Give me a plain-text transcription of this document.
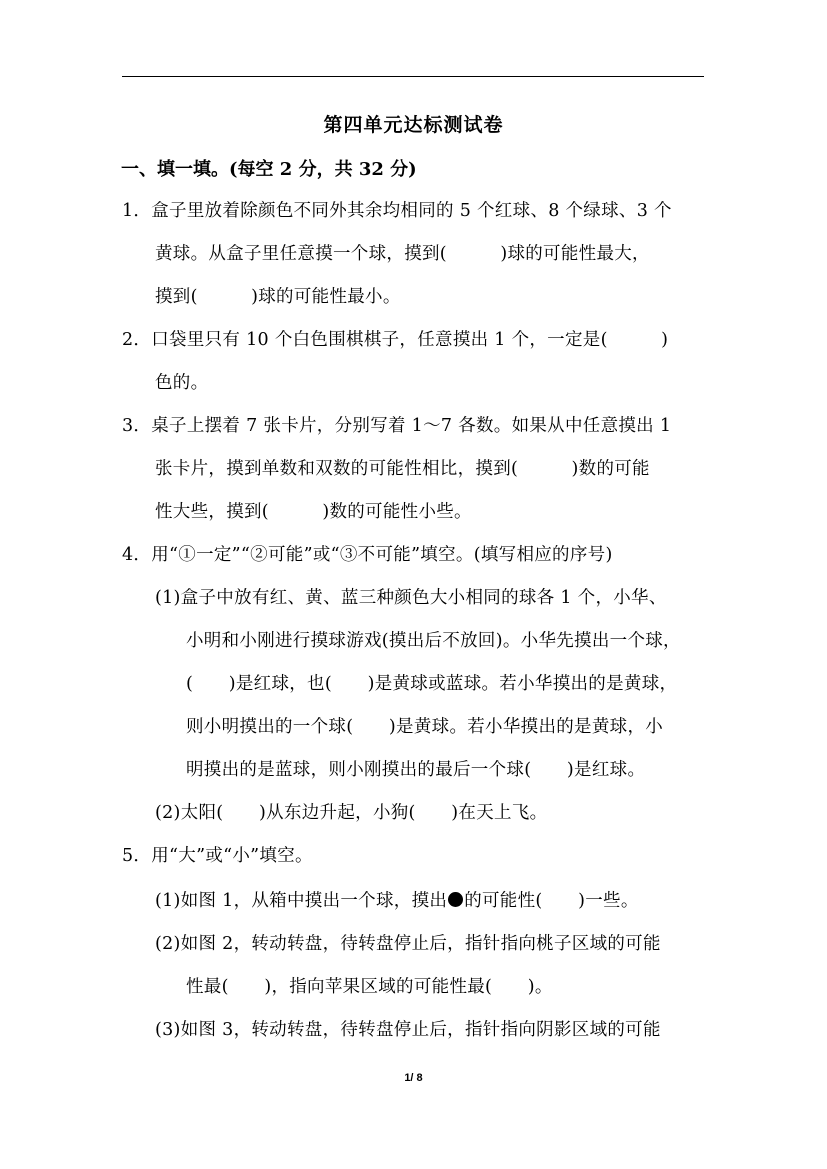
第四单元达标测试卷
一、填一填。(每空 2 分，共 32 分)
1．盒子里放着除颜色不同外其余均相同的 5 个红球、8 个绿球、3 个
黄球。从盒子里任意摸一个球，摸到(　　　)球的可能性最大，
摸到(　　　)球的可能性最小。
2．口袋里只有 10 个白色围棋棋子，任意摸出 1 个，一定是(　　　)
色的。
3．桌子上摆着 7 张卡片，分别写着 1～7 各数。如果从中任意摸出 1
张卡片，摸到单数和双数的可能性相比，摸到(　　　)数的可能
性大些，摸到(　　　)数的可能性小些。
4．用“①一定”“②可能”或“③不可能”填空。(填写相应的序号)
(1)盒子中放有红、黄、蓝三种颜色大小相同的球各 1 个，小华、
小明和小刚进行摸球游戏(摸出后不放回)。小华先摸出一个球，
(　　)是红球，也(　　)是黄球或蓝球。若小华摸出的是黄球，
则小明摸出的一个球(　　)是黄球。若小华摸出的是黄球，小
明摸出的是蓝球，则小刚摸出的最后一个球(　　)是红球。
(2)太阳(　　)从东边升起，小狗(　　)在天上飞。
5．用“大”或“小”填空。
(1)如图 1，从箱中摸出一个球，摸出 的可能性(　　)一些。
(2)如图 2，转动转盘，待转盘停止后，指针指向桃子区域的可能
性最(　　)，指向苹果区域的可能性最(　　)。
(3)如图 3，转动转盘，待转盘停止后，指针指向阴影区域的可能
1/ 8
